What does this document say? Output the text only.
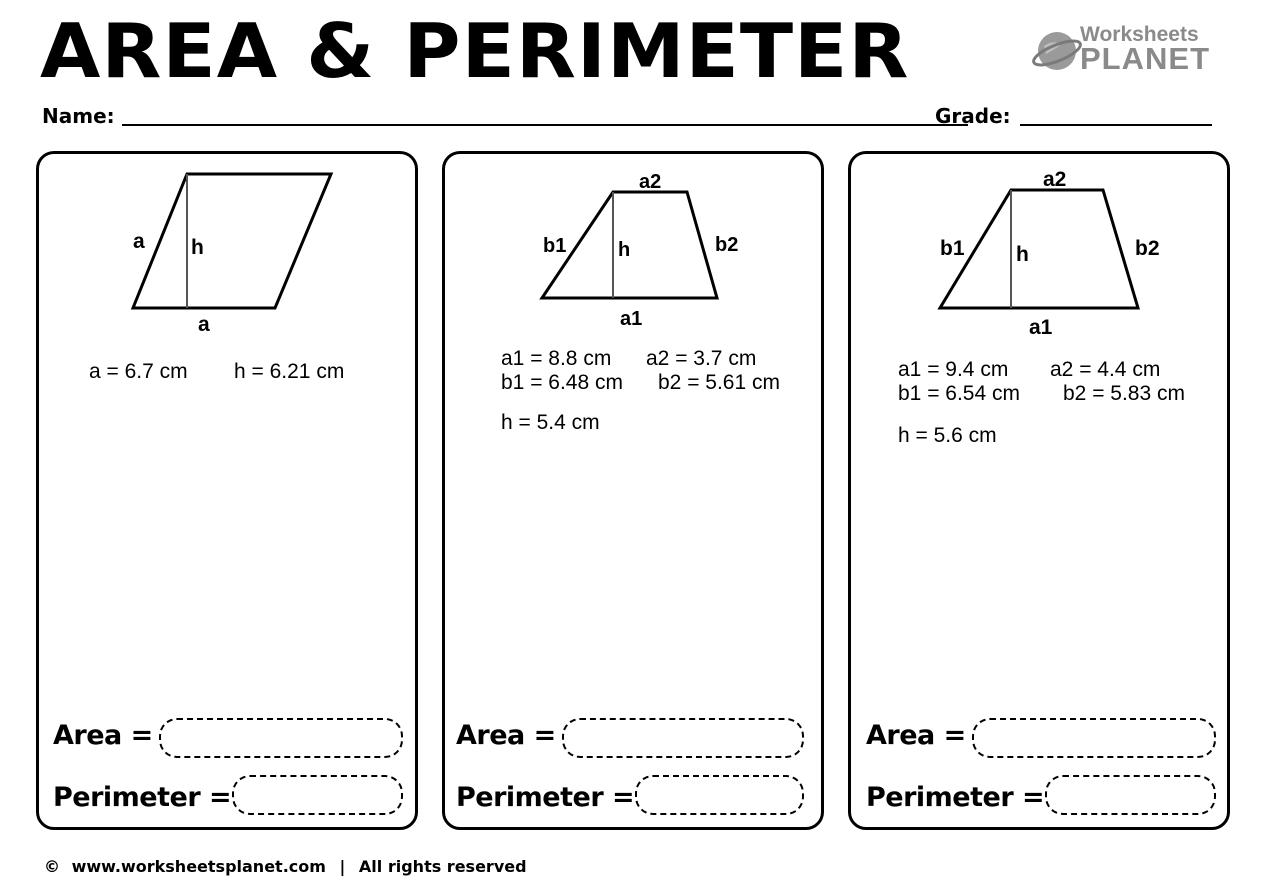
AREA & PERIMETER	Worksheets
PLANET
Name:	Grade:
a h
a
a = 6.7 cm h = 6.21 cm
Area =
Perimeter =
a2
b1	h	b2
a1
a1 = 8.8 cm a2 = 3.7 cm
b1 = 6.48 cm b2 = 5.61 cm
h = 5.4 cm
Area =
Perimeter =
a2
b1 h	b2
a1
a1 = 9.4 cm a2 = 4.4 cm
b1 = 6.54 cm b2 = 5.83 cm
h = 5.6 cm
Area =
Perimeter =
© www.worksheetsplanet.com | All rights reserved
